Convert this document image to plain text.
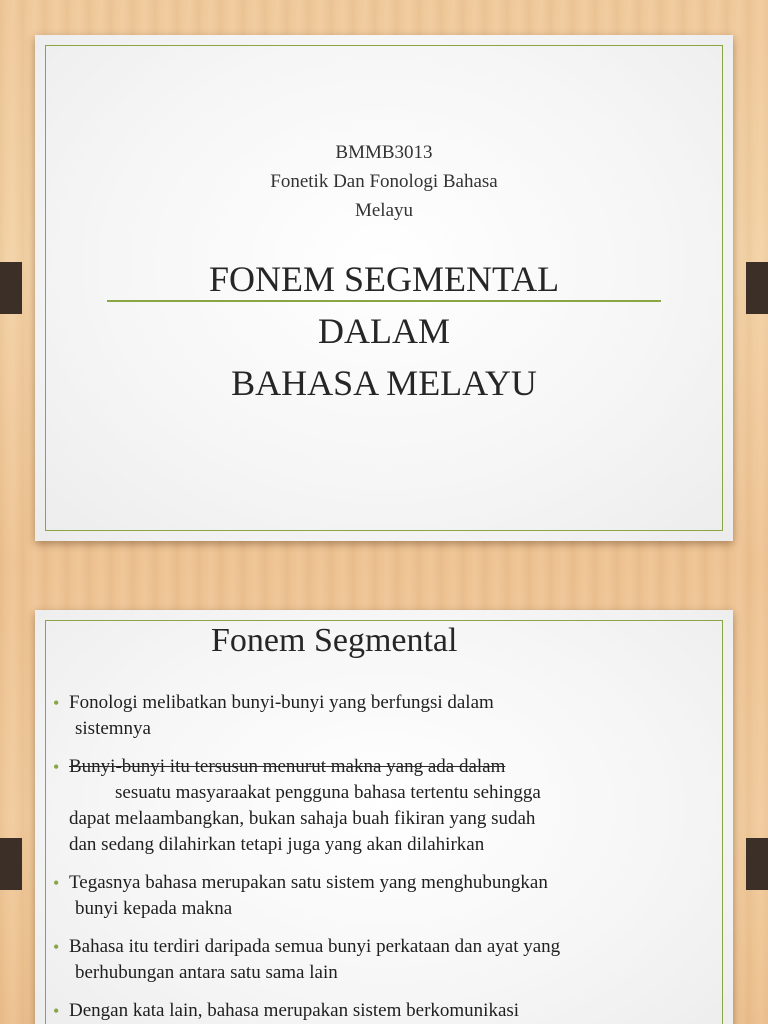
BMMB3013
Fonetik Dan Fonologi Bahasa
Melayu
FONEM SEGMENTAL
DALAM
BAHASA MELAYU
Fonem Segmental
• Fonologi melibatkan bunyi-bunyi yang berfungsi dalam
sistemnya
• Bunyi-bunyi itu tersusun menurut makna yang ada dalam
sesuatu masyaraakat pengguna bahasa tertentu sehingga
dapat melaambangkan, bukan sahaja buah fikiran yang sudah
dan sedang dilahirkan tetapi juga yang akan dilahirkan
• Tegasnya bahasa merupakan satu sistem yang menghubungkan
bunyi kepada makna
• Bahasa itu terdiri daripada semua bunyi perkataan dan ayat yang
berhubungan antara satu sama lain
• Dengan kata lain, bahasa merupakan sistem berkomunikasi
